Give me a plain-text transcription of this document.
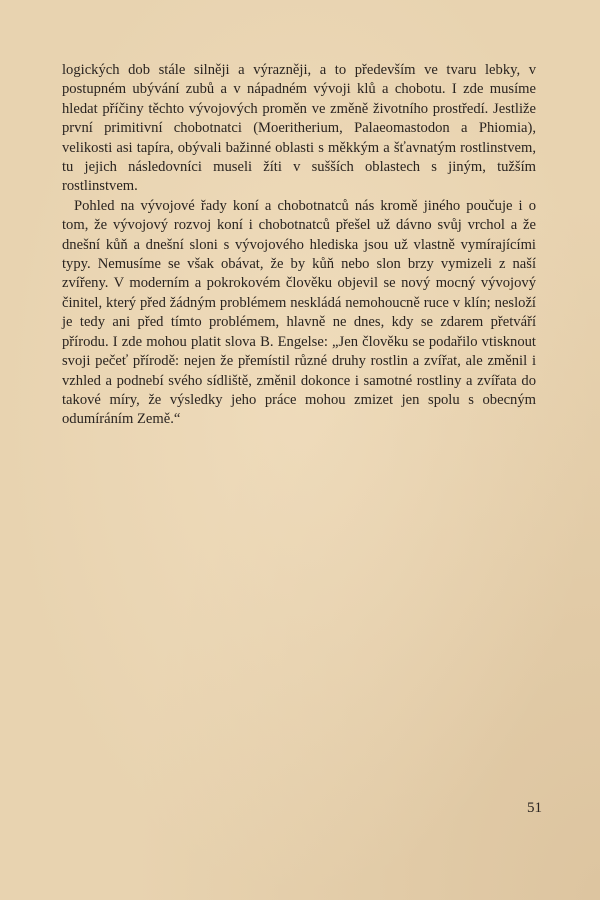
logických dob stále silněji a výrazněji, a to především ve tvaru lebky, v postupném ubývání zubů a v nápadném vývoji klů a chobotu. I zde musíme hledat příčiny těchto vývojových proměn ve změně životního prostředí. Jestliže první primitivní chobotnatci (Moeritherium, Palaeomastodon a Phiomia), velikosti asi tapíra, obývali bažinné oblasti s měkkým a šťavnatým rostlinstvem, tu jejich následovníci museli žíti v sušších oblastech s jiným, tužším rostlinstvem.

Pohled na vývojové řady koní a chobotnatců nás kromě jiného poučuje i o tom, že vývojový rozvoj koní i chobotnatců přešel už dávno svůj vrchol a že dnešní kůň a dnešní sloni s vývojového hlediska jsou už vlastně vymírajícími typy. Nemusíme se však obávat, že by kůň nebo slon brzy vymizeli z naší zvířeny. V moderním a pokrokovém člověku objevil se nový mocný vývojový činitel, který před žádným problémem neskládá nemohoucně ruce v klín; nesloží je tedy ani před tímto problémem, hlavně ne dnes, kdy se zdarem přetváří přírodu. I zde mohou platit slova B. Engelse: „Jen člověku se podařilo vtisknout svoji pečeť přírodě: nejen že přemístil různé druhy rostlin a zvířat, ale změnil i vzhled a podnebí svého sídliště, změnil dokonce i samotné rostliny a zvířata do takové míry, že výsledky jeho práce mohou zmizet jen spolu s obecným odumíráním Země.“

51
